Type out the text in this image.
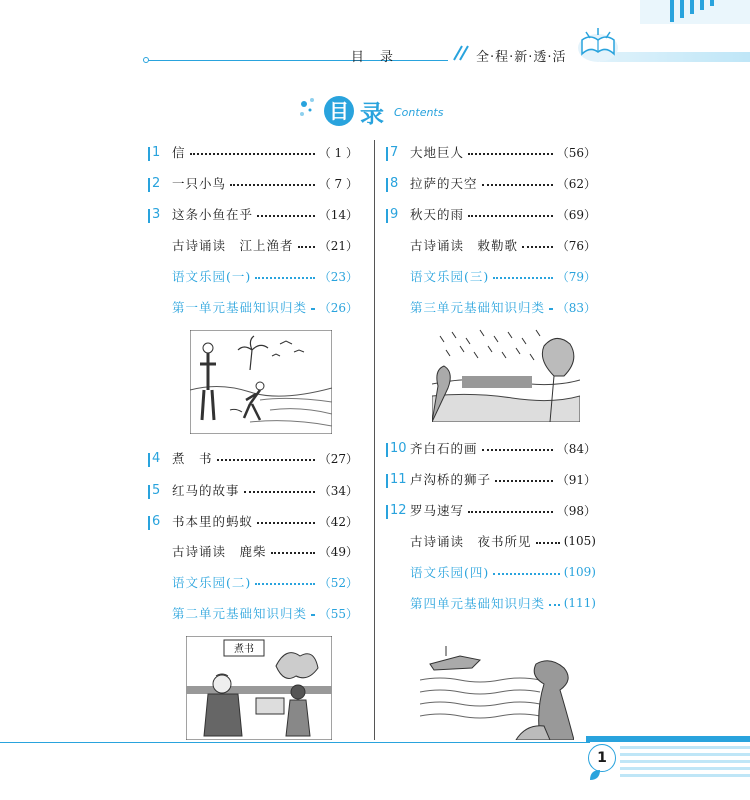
目 录	全·程·新·透·活
目 录 Contents
1 信	（ 1 ）
2 一只小鸟	（ 7 ）
3 这条小鱼在乎	（14）
古诗诵读　江上渔者 （21）
语文乐园(一)	（23）
第一单元基础知识归类 （26）
4 煮　书	（27）
5 红马的故事	（34）
6 书本里的蚂蚁	（42）
古诗诵读　鹿柴	（49）
语文乐园(二)	（52）
第二单元基础知识归类 （55）
7 大地巨人	（56）
8 拉萨的天空	（62）
9 秋天的雨	（69）
古诗诵读　敕勒歌	（76）
语文乐园(三)	（79）
第三单元基础知识归类 （83）
10 齐白石的画	（84）
11 卢沟桥的狮子	（91）
12 罗马速写	（98）
古诗诵读　夜书所见	(105)
语文乐园(四)	(109)
第四单元基础知识归类 (111)
煮书
1
